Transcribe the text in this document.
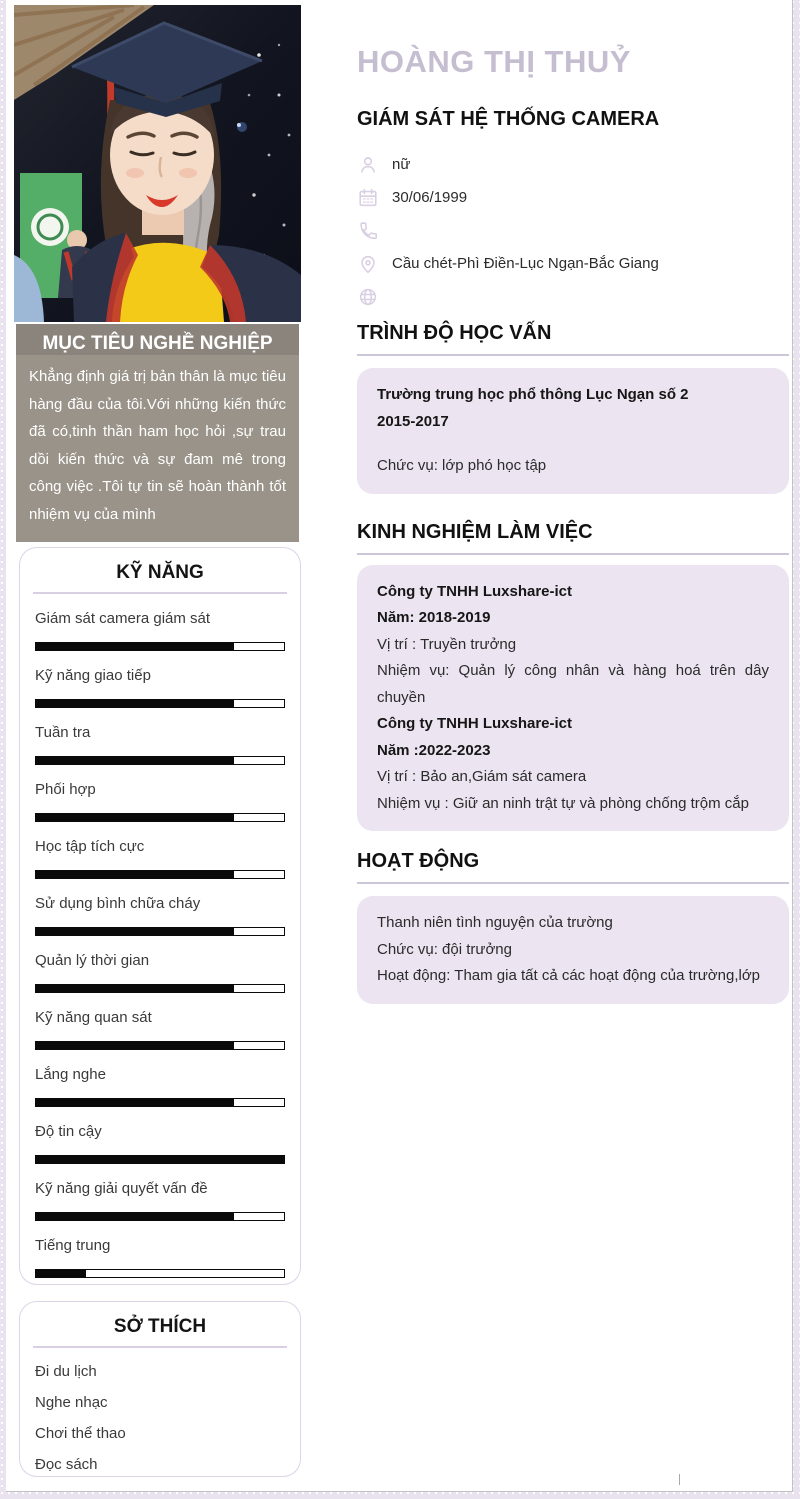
MỤC TIÊU NGHỀ NGHIỆP
Khẳng định giá trị bản thân là mục tiêu hàng đầu của tôi.Với những kiến thức đã có,tinh thần ham học hỏi ,sự trau dồi kiến thức và sự đam mê trong công việc .Tôi tự tin sẽ hoàn thành tốt nhiệm vụ của mình
KỸ NĂNG
Giám sát camera giám sát
Kỹ năng giao tiếp
Tuần tra
Phối hợp
Học tập tích cực
Sử dụng bình chữa cháy
Quản lý thời gian
Kỹ năng quan sát
Lắng nghe
Độ tin cậy
Kỹ năng giải quyết vấn đề
Tiếng trung
SỞ THÍCH
Đi du lịch
Nghe nhạc
Chơi thể thao
Đọc sách
HOÀNG THỊ THUỶ
GIÁM SÁT HỆ THỐNG CAMERA
nữ
30/06/1999
Cầu chét-Phì Điền-Lục Ngạn-Bắc Giang
TRÌNH ĐỘ HỌC VẤN
Trường trung học phổ thông Lục Ngạn số 2
2015-2017
Chức vụ: lớp phó học tập
KINH NGHIỆM LÀM VIỆC
Công ty TNHH Luxshare-ict
Năm: 2018-2019
Vị trí : Truyền trưởng
Nhiệm vụ: Quản lý công nhân và hàng hoá trên dây chuyền
Công ty TNHH Luxshare-ict
Năm :2022-2023
Vị trí : Bảo an,Giám sát camera
Nhiệm vụ : Giữ an ninh trật tự và phòng chống trộm cắp
HOẠT ĐỘNG
Thanh niên tình nguyện của trường
Chức vụ: đội trưởng
Hoạt động: Tham gia tất cả các hoạt động của trường,lớp
